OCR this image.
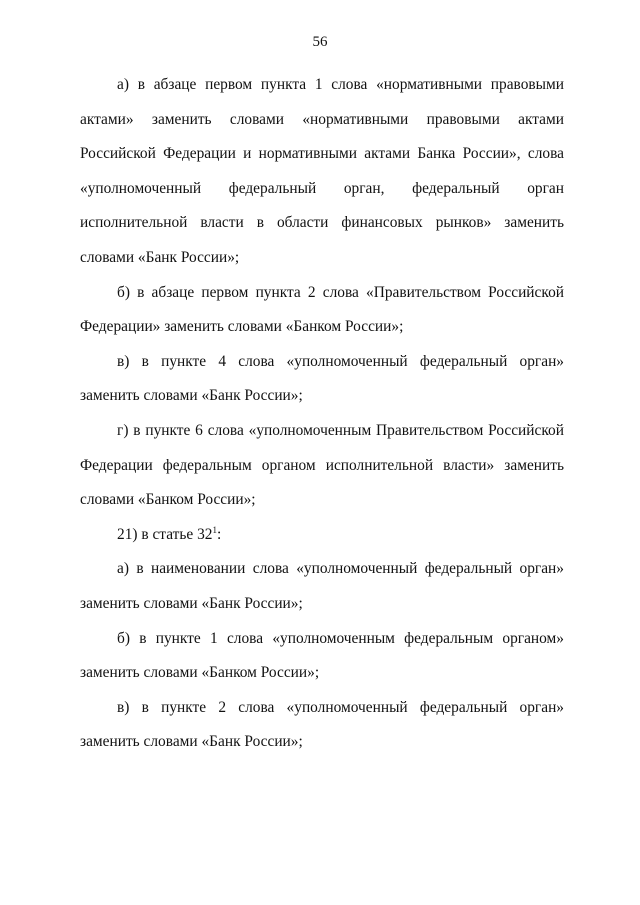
56

а) в абзаце первом пункта 1 слова «нормативными правовыми актами» заменить словами «нормативными правовыми актами Российской Федерации и нормативными актами Банка России», слова «уполномоченный федеральный орган, федеральный орган исполнительной власти в области финансовых рынков» заменить словами «Банк России»;

б) в абзаце первом пункта 2 слова «Правительством Российской Федерации» заменить словами «Банком России»;

в) в пункте 4 слова «уполномоченный федеральный орган» заменить словами «Банк России»;

г) в пункте 6 слова «уполномоченным Правительством Российской Федерации федеральным органом исполнительной власти» заменить словами «Банком России»;

21) в статье $32^1$:

а) в наименовании слова «уполномоченный федеральный орган» заменить словами «Банк России»;

б) в пункте 1 слова «уполномоченным федеральным органом» заменить словами «Банком России»;

в) в пункте 2 слова «уполномоченный федеральный орган» заменить словами «Банк России»;
